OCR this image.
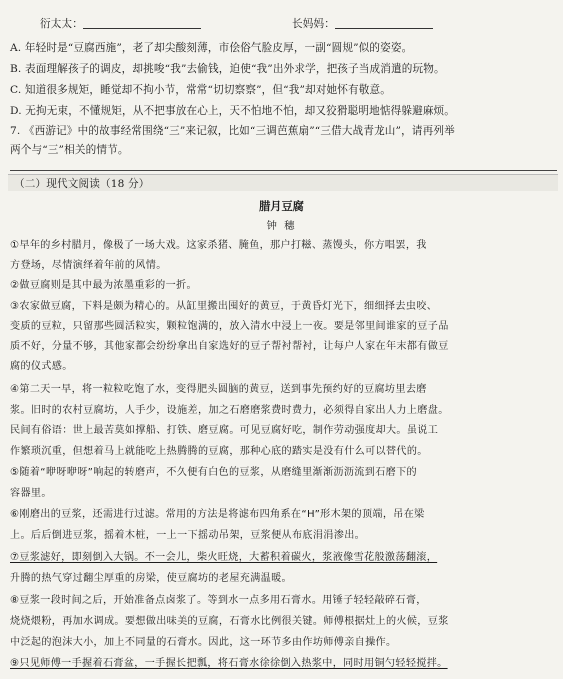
衍太太：	长妈妈：
A. 年轻时是“豆腐西施”，老了却尖酸刻薄，市侩俗气脸皮厚，一副“圆规”似的姿姿。
B. 表面理解孩子的调皮，却挑唆“我”去偷钱，迫使“我”出外求学，把孩子当成消遣的玩物。
C. 知道很多规矩，睡觉却不拘小节，常常“切切察察”，但“我”却对她怀有敬意。
D. 无拘无束，不懂规矩，从不把事放在心上，天不怕地不怕，却又狡猾聪明地惦得躲避麻烦。
7. 《西游记》中的故事经常围绕“三”来记叙，比如“三调芭蕉扇”“三借大战青龙山”，请再列举
两个与“三”相关的情节。
（二）现代文阅读（18 分）
腊月豆腐
钟 穗
①早年的乡村腊月，像极了一场大戏。这家杀猪、腌鱼，那户打糍、蒸馒头，你方唱罢，我
方登场，尽情演绎着年前的风情。
②做豆腐则是其中最为浓墨重彩的一折。
③农家做豆腐，下料是颇为精心的。从缸里搬出囤好的黄豆，于黄昏灯光下，细细择去虫咬、
变质的豆粒，只留那些圆活粒实，颗粒饱满的，放入清水中浸上一夜。要是邻里间谁家的豆子品
质不好，分量不够，其他家都会纷纷拿出自家选好的豆子帮衬帮衬，让每户人家在年末都有做豆
腐的仪式感。
④第二天一早，将一粒粒吃饱了水，变得肥头圆脑的黄豆，送到事先预约好的豆腐坊里去磨
浆。旧时的农村豆腐坊，人手少，设施差，加之石磨磨浆费时费力，必须得自家出人力上磨盘。
民间有俗语：世上最苦莫如撑船、打铁、磨豆腐。可见豆腐好吃，制作劳动强度却大。虽说工
作繁琐沉重，但想着马上就能吃上热腾腾的豆腐，那种心底的踏实是没有什么可以替代的。
⑤随着“咿呀咿呀”响起的转磨声，不久便有白色的豆浆，从磨缝里渐渐沥沥流到石磨下的
容器里。
⑥刚磨出的豆浆，还需进行过滤。常用的方法是将滤布四角系在“H”形木架的顶端，吊在梁
上。后后倒进豆浆，摇着木桩，一上一下摇动吊架，豆浆便从布底涓涓渗出。
⑦豆浆滤好，即刻倒入大锅。不一会儿，柴火旺烧，大蓄积着碳火，浆液像雪花般激荡翻滚，
升腾的热气穿过翻尘厚重的房梁，使豆腐坊的老屋充满温暖。
⑧豆浆一段时间之后，开始准备点卤浆了。等到水一点多用石膏水。用锤子轻轻敲碎石膏，
烧烧煨粉，再加水调成。要想做出味美的豆腐，石膏水比例很关键。师傅根据灶上的火候，豆浆
中泛起的泡沫大小，加上不同量的石膏水。因此，这一环节多由作坊师傅亲自操作。
⑨只见师傅一手握着石膏盆，一手握长把瓢，将石膏水徐徐倒入热浆中，同时用铜勺轻轻搅拌。
